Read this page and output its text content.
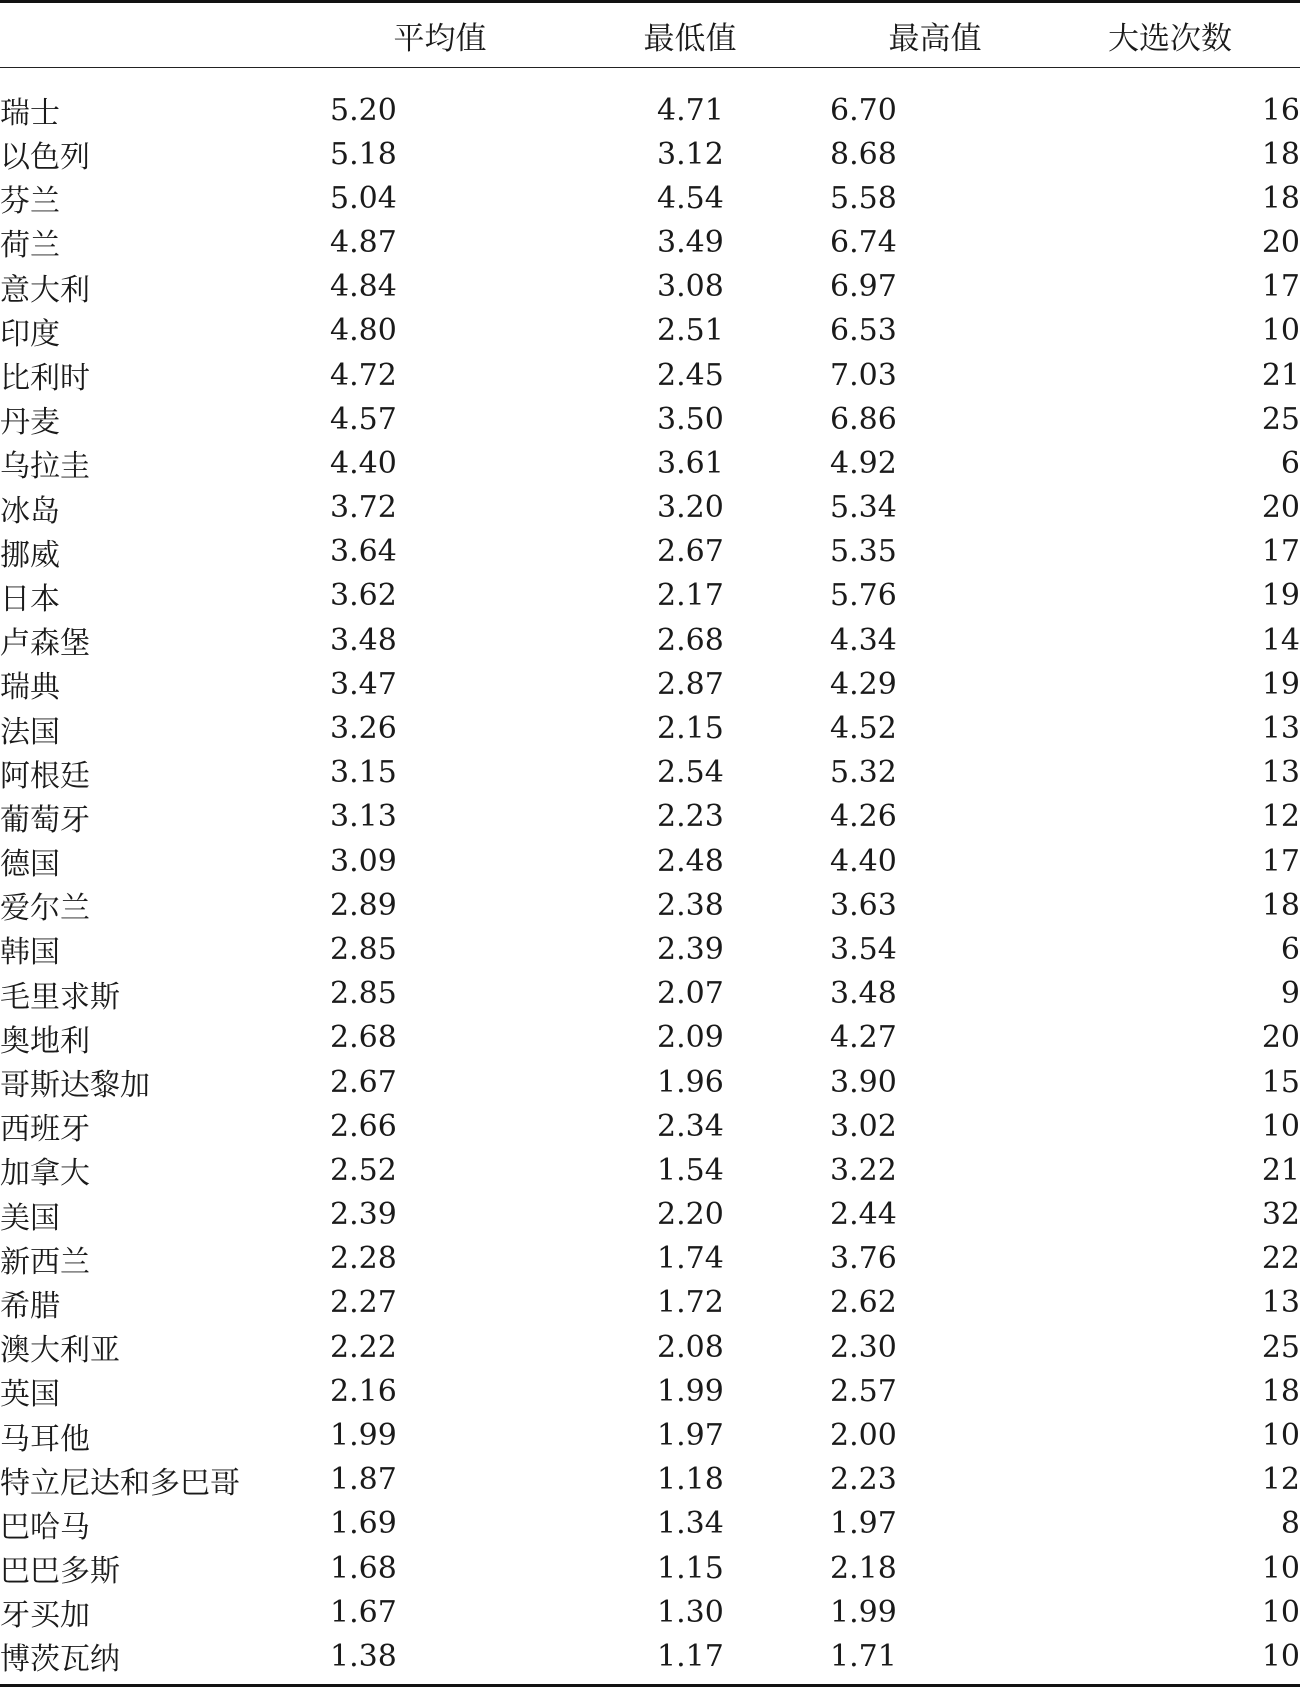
	平均值	最低值	最高值	大选次数
瑞士	5.20	4.71	6.70	16
以色列	5.18	3.12	8.68	18
芬兰	5.04	4.54	5.58	18
荷兰	4.87	3.49	6.74	20
意大利	4.84	3.08	6.97	17
印度	4.80	2.51	6.53	10
比利时	4.72	2.45	7.03	21
丹麦	4.57	3.50	6.86	25
乌拉圭	4.40	3.61	4.92	6
冰岛	3.72	3.20	5.34	20
挪威	3.64	2.67	5.35	17
日本	3.62	2.17	5.76	19
卢森堡	3.48	2.68	4.34	14
瑞典	3.47	2.87	4.29	19
法国	3.26	2.15	4.52	13
阿根廷	3.15	2.54	5.32	13
葡萄牙	3.13	2.23	4.26	12
德国	3.09	2.48	4.40	17
爱尔兰	2.89	2.38	3.63	18
韩国	2.85	2.39	3.54	6
毛里求斯	2.85	2.07	3.48	9
奥地利	2.68	2.09	4.27	20
哥斯达黎加	2.67	1.96	3.90	15
西班牙	2.66	2.34	3.02	10
加拿大	2.52	1.54	3.22	21
美国	2.39	2.20	2.44	32
新西兰	2.28	1.74	3.76	22
希腊	2.27	1.72	2.62	13
澳大利亚	2.22	2.08	2.30	25
英国	2.16	1.99	2.57	18
马耳他	1.99	1.97	2.00	10
特立尼达和多巴哥	1.87	1.18	2.23	12
巴哈马	1.69	1.34	1.97	8
巴巴多斯	1.68	1.15	2.18	10
牙买加	1.67	1.30	1.99	10
博茨瓦纳	1.38	1.17	1.71	10
